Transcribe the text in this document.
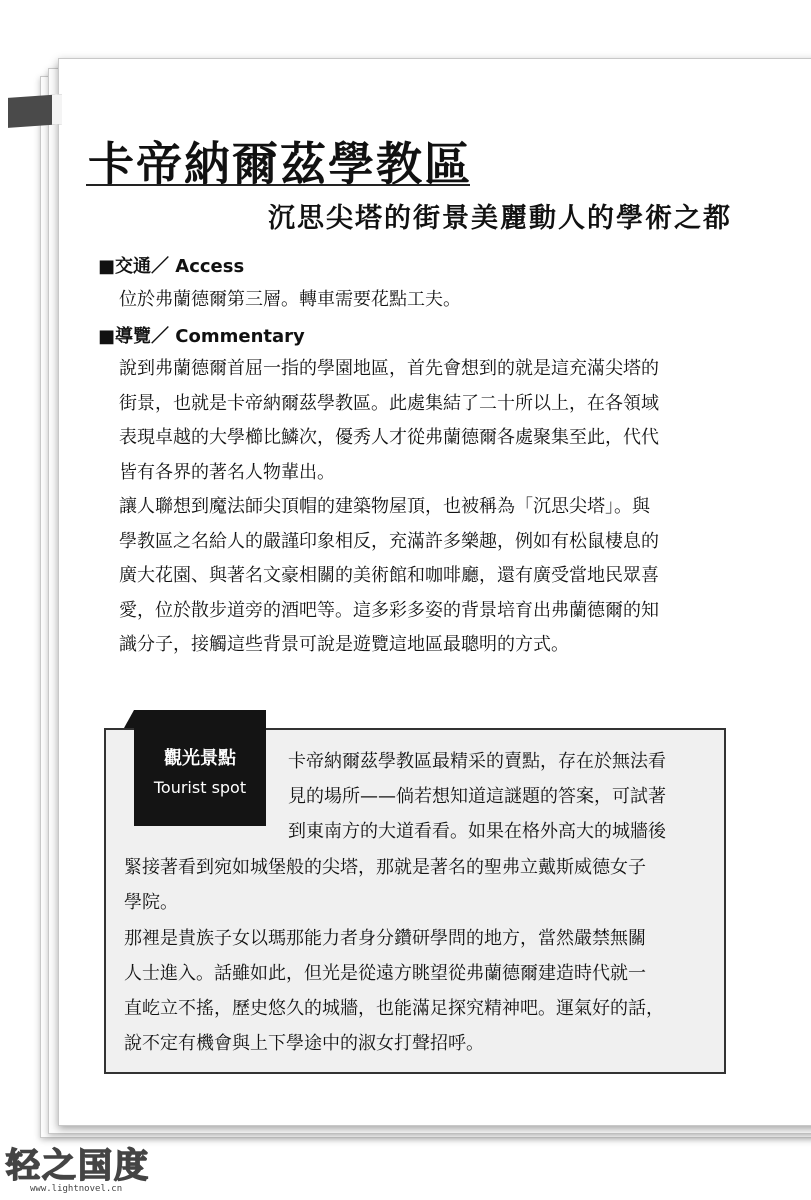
卡帝納爾茲學教區
沉思尖塔的街景美麗動人的學術之都
■交通／ Access

位於弗蘭德爾第三層。轉車需要花點工夫。

■導覽／ Commentary

說到弗蘭德爾首屈一指的學園地區，首先會想到的就是這充滿尖塔的

街景，也就是卡帝納爾茲學教區。此處集結了二十所以上，在各領域

表現卓越的大學櫛比鱗次，優秀人才從弗蘭德爾各處聚集至此，代代

皆有各界的著名人物輩出。

讓人聯想到魔法師尖頂帽的建築物屋頂，也被稱為「沉思尖塔」。與

學教區之名給人的嚴謹印象相反，充滿許多樂趣，例如有松鼠棲息的

廣大花園、與著名文豪相關的美術館和咖啡廳，還有廣受當地民眾喜

愛，位於散步道旁的酒吧等。這多彩多姿的背景培育出弗蘭德爾的知

識分子，接觸這些背景可說是遊覽這地區最聰明的方式。

觀光景點
Tourist spot

卡帝納爾茲學教區最精采的賣點，存在於無法看

見的場所——倘若想知道這謎題的答案，可試著

到東南方的大道看看。如果在格外高大的城牆後

緊接著看到宛如城堡般的尖塔，那就是著名的聖弗立戴斯威德女子

學院。

那裡是貴族子女以瑪那能力者身分鑽研學問的地方，當然嚴禁無關

人士進入。話雖如此，但光是從遠方眺望從弗蘭德爾建造時代就一

直屹立不搖，歷史悠久的城牆，也能滿足探究精神吧。運氣好的話，

說不定有機會與上下學途中的淑女打聲招呼。

轻之国度
www.lightnovel.cn
